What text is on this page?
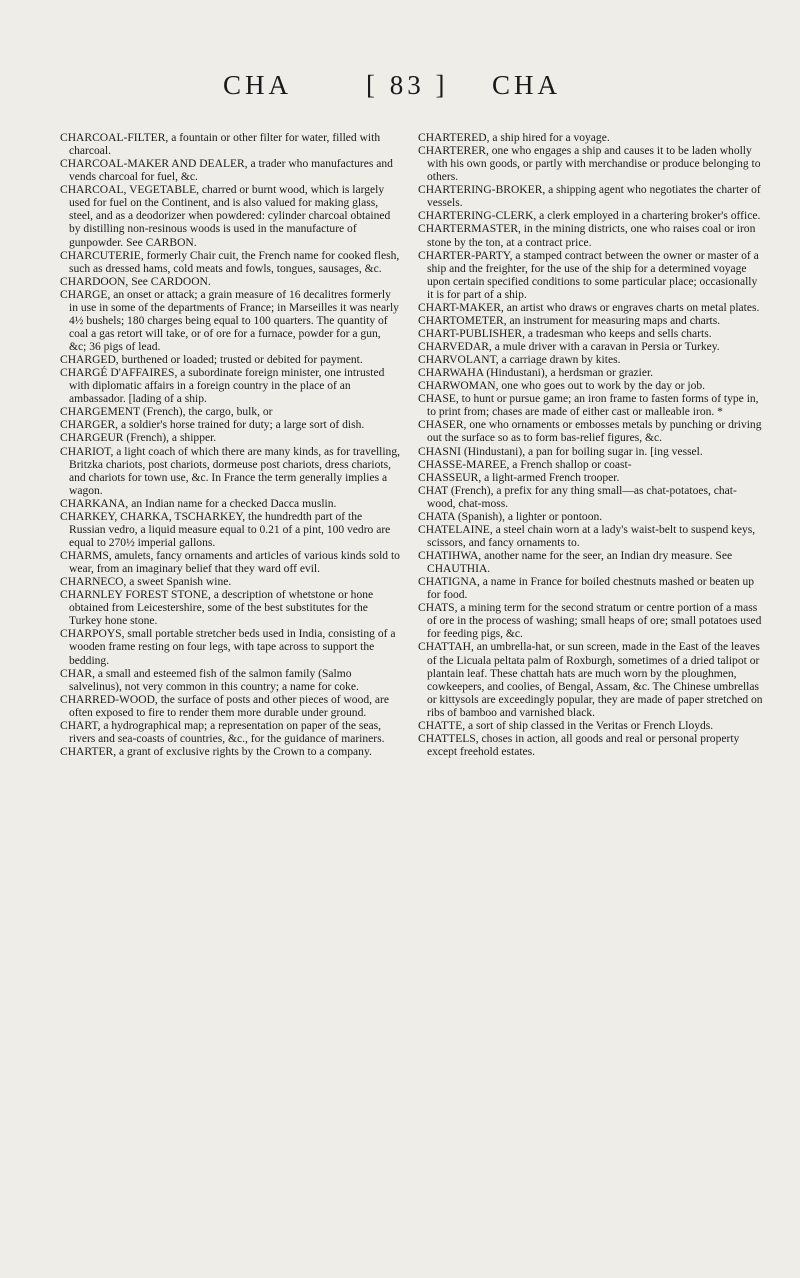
CHA	[ 83 ] CHA

CHARCOAL-FILTER, a fountain or other filter for water, filled with charcoal.

CHARCOAL-MAKER AND DEALER, a trader who manufactures and vends charcoal for fuel, &c.

CHARCOAL, VEGETABLE, charred or burnt wood, which is largely used for fuel on the Continent, and is also valued for making glass, steel, and as a deodorizer when powdered: cylinder charcoal obtained by distilling non-resinous woods is used in the manufacture of gunpowder. See CARBON.

CHARCUTERIE, formerly Chair cuit, the French name for cooked flesh, such as dressed hams, cold meats and fowls, tongues, sausages, &c.

CHARDOON, See CARDOON.

CHARGE, an onset or attack; a grain measure of 16 decalitres formerly in use in some of the departments of France; in Marseilles it was nearly 4½ bushels; 180 charges being equal to 100 quarters. The quantity of coal a gas retort will take, or of ore for a furnace, powder for a gun, &c; 36 pigs of lead.

CHARGED, burthened or loaded; trusted or debited for payment.

CHARGÉ D'AFFAIRES, a subordinate foreign minister, one intrusted with diplomatic affairs in a foreign country in the place of an ambassador. [lading of a ship.

CHARGEMENT (French), the cargo, bulk, or

CHARGER, a soldier's horse trained for duty; a large sort of dish.

CHARGEUR (French), a shipper.

CHARIOT, a light coach of which there are many kinds, as for travelling, Britzka chariots, post chariots, dormeuse post chariots, dress chariots, and chariots for town use, &c. In France the term generally implies a wagon.

CHARKANA, an Indian name for a checked Dacca muslin.

CHARKEY, CHARKA, TSCHARKEY, the hundredth part of the Russian vedro, a liquid measure equal to 0.21 of a pint, 100 vedro are equal to 270½ imperial gallons.

CHARMS, amulets, fancy ornaments and articles of various kinds sold to wear, from an imaginary belief that they ward off evil.

CHARNECO, a sweet Spanish wine.

CHARNLEY FOREST STONE, a description of whetstone or hone obtained from Leicestershire, some of the best substitutes for the Turkey hone stone.

CHARPOYS, small portable stretcher beds used in India, consisting of a wooden frame resting on four legs, with tape across to support the bedding.

CHAR, a small and esteemed fish of the salmon family (Salmo salvelinus), not very common in this country; a name for coke.

CHARRED-WOOD, the surface of posts and other pieces of wood, are often exposed to fire to render them more durable under ground.

CHART, a hydrographical map; a representation on paper of the seas, rivers and sea-coasts of countries, &c., for the guidance of mariners.

CHARTER, a grant of exclusive rights by the Crown to a company.

CHARTERED, a ship hired for a voyage.

CHARTERER, one who engages a ship and causes it to be laden wholly with his own goods, or partly with merchandise or produce belonging to others.

CHARTERING-BROKER, a shipping agent who negotiates the charter of vessels.

CHARTERING-CLERK, a clerk employed in a chartering broker's office.

CHARTERMASTER, in the mining districts, one who raises coal or iron stone by the ton, at a contract price.

CHARTER-PARTY, a stamped contract between the owner or master of a ship and the freighter, for the use of the ship for a determined voyage upon certain specified conditions to some particular place; occasionally it is for part of a ship.

CHART-MAKER, an artist who draws or engraves charts on metal plates.

CHARTOMETER, an instrument for measuring maps and charts.

CHART-PUBLISHER, a tradesman who keeps and sells charts.

CHARVEDAR, a mule driver with a caravan in Persia or Turkey.

CHARVOLANT, a carriage drawn by kites.

CHARWAHA (Hindustani), a herdsman or grazier.

CHARWOMAN, one who goes out to work by the day or job.

CHASE, to hunt or pursue game; an iron frame to fasten forms of type in, to print from; chases are made of either cast or malleable iron. *

CHASER, one who ornaments or embosses metals by punching or driving out the surface so as to form bas-relief figures, &c.

CHASNI (Hindustani), a pan for boiling sugar in. [ing vessel.

CHASSE-MAREE, a French shallop or coast-

CHASSEUR, a light-armed French trooper.

CHAT (French), a prefix for any thing small—as chat-potatoes, chat-wood, chat-moss.

CHATA (Spanish), a lighter or pontoon.

CHATELAINE, a steel chain worn at a lady's waist-belt to suspend keys, scissors, and fancy ornaments to.

CHATIHWA, another name for the seer, an Indian dry measure. See CHAUTHIA.

CHATIGNA, a name in France for boiled chestnuts mashed or beaten up for food.

CHATS, a mining term for the second stratum or centre portion of a mass of ore in the process of washing; small heaps of ore; small potatoes used for feeding pigs, &c.

CHATTAH, an umbrella-hat, or sun screen, made in the East of the leaves of the Licuala peltata palm of Roxburgh, sometimes of a dried talipot or plantain leaf. These chattah hats are much worn by the ploughmen, cowkeepers, and coolies, of Bengal, Assam, &c. The Chinese umbrellas or kittysols are exceedingly popular, they are made of paper stretched on ribs of bamboo and varnished black.

CHATTE, a sort of ship classed in the Veritas or French Lloyds.

CHATTELS, choses in action, all goods and real or personal property except freehold estates.
